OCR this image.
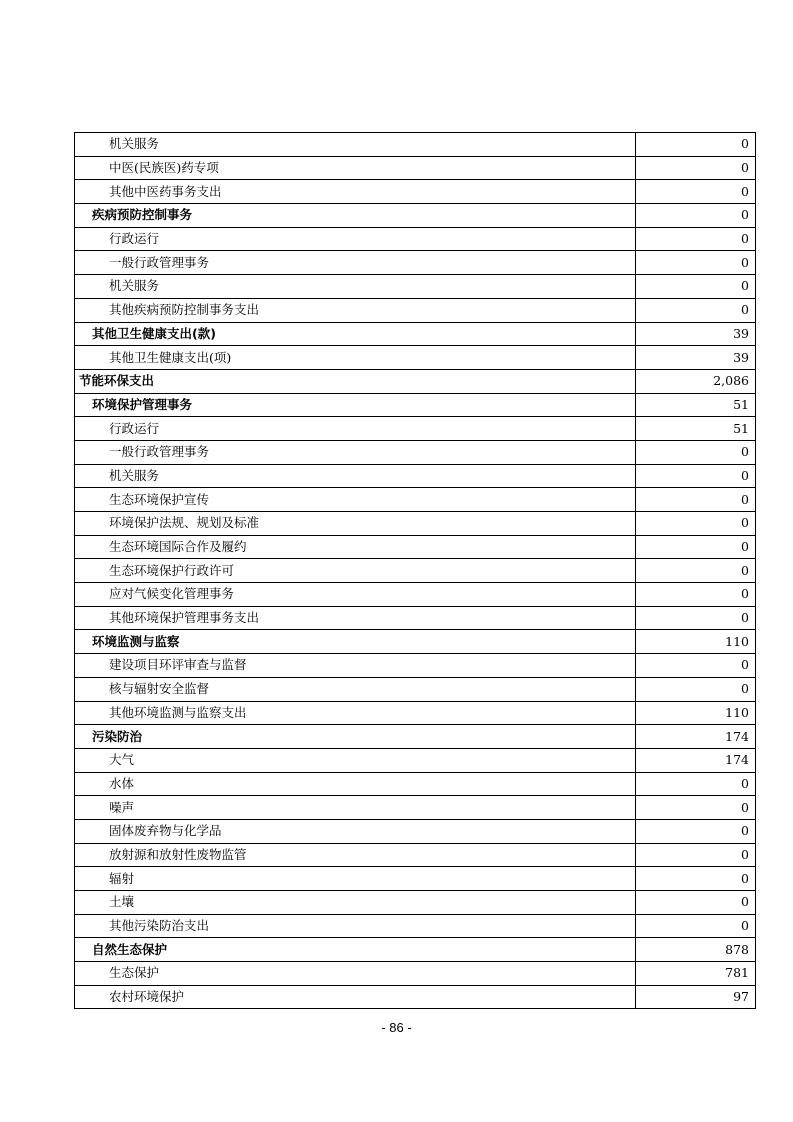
机关服务	0
中医(民族医)药专项	0
其他中医药事务支出	0
疾病预防控制事务	0
行政运行	0
一般行政管理事务	0
机关服务	0
其他疾病预防控制事务支出	0
其他卫生健康支出(款)	39
其他卫生健康支出(项)	39
节能环保支出	2,086
环境保护管理事务	51
行政运行	51
一般行政管理事务	0
机关服务	0
生态环境保护宣传	0
环境保护法规、规划及标准	0
生态环境国际合作及履约	0
生态环境保护行政许可	0
应对气候变化管理事务	0
其他环境保护管理事务支出	0
环境监测与监察	110
建设项目环评审查与监督	0
核与辐射安全监督	0
其他环境监测与监察支出	110
污染防治	174
大气	174
水体	0
噪声	0
固体废弃物与化学品	0
放射源和放射性废物监管	0
辐射	0
土壤	0
其他污染防治支出	0
自然生态保护	878
生态保护	781
农村环境保护	97
- 86 -
